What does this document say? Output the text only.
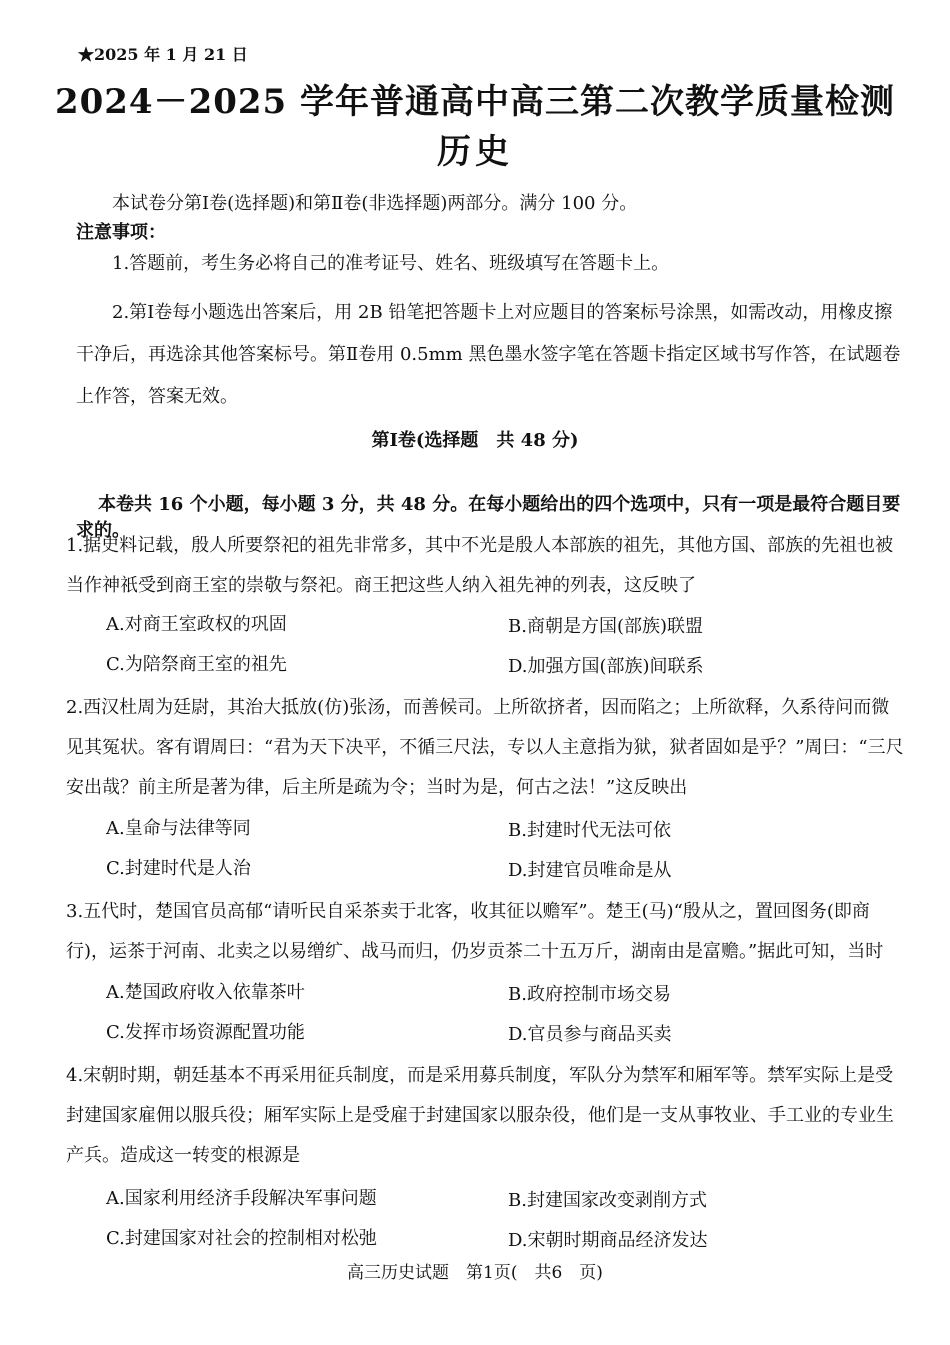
★2025 年 1 月 21 日
2024－2025 学年普通高中高三第二次教学质量检测
历史
本试卷分第Ⅰ卷(选择题)和第Ⅱ卷(非选择题)两部分。满分 100 分。
注意事项：
1.答题前，考生务必将自己的准考证号、姓名、班级填写在答题卡上。
2.第Ⅰ卷每小题选出答案后，用 2B 铅笔把答题卡上对应题目的答案标号涂黑，如需改动，用橡皮擦干净后，再选涂其他答案标号。第Ⅱ卷用 0.5mm 黑色墨水签字笔在答题卡指定区域书写作答，在试题卷上作答，答案无效。
第Ⅰ卷(选择题　共 48 分)
本卷共 16 个小题，每小题 3 分，共 48 分。在每小题给出的四个选项中，只有一项是最符合题目要求的。
1.据史料记载，殷人所要祭祀的祖先非常多，其中不光是殷人本部族的祖先，其他方国、部族的先祖也被当作神祇受到商王室的崇敬与祭祀。商王把这些人纳入祖先神的列表，这反映了
A.对商王室政权的巩固	B.商朝是方国(部族)联盟
C.为陪祭商王室的祖先	D.加强方国(部族)间联系
2.西汉杜周为廷尉，其治大抵放(仿)张汤，而善候司。上所欲挤者，因而陷之；上所欲释，久系待问而微见其冤状。客有谓周曰：“君为天下决平，不循三尺法，专以人主意指为狱，狱者固如是乎？”周曰：“三尺安出哉？前主所是著为律，后主所是疏为令；当时为是，何古之法！”这反映出
A.皇命与法律等同	B.封建时代无法可依
C.封建时代是人治	D.封建官员唯命是从
3.五代时，楚国官员高郁“请听民自采茶卖于北客，收其征以赡军”。楚王(马)“殷从之，置回图务(即商行)，运茶于河南、北卖之以易缯纩、战马而归，仍岁贡茶二十五万斤，湖南由是富赡。”据此可知，当时
A.楚国政府收入依靠茶叶	B.政府控制市场交易
C.发挥市场资源配置功能	D.官员参与商品买卖
4.宋朝时期，朝廷基本不再采用征兵制度，而是采用募兵制度，军队分为禁军和厢军等。禁军实际上是受封建国家雇佣以服兵役；厢军实际上是受雇于封建国家以服杂役，他们是一支从事牧业、手工业的专业生产兵。造成这一转变的根源是
A.国家利用经济手段解决军事问题	B.封建国家改变剥削方式
C.封建国家对社会的控制相对松弛	D.宋朝时期商品经济发达
高三历史试题　第1页(　共6　页)
